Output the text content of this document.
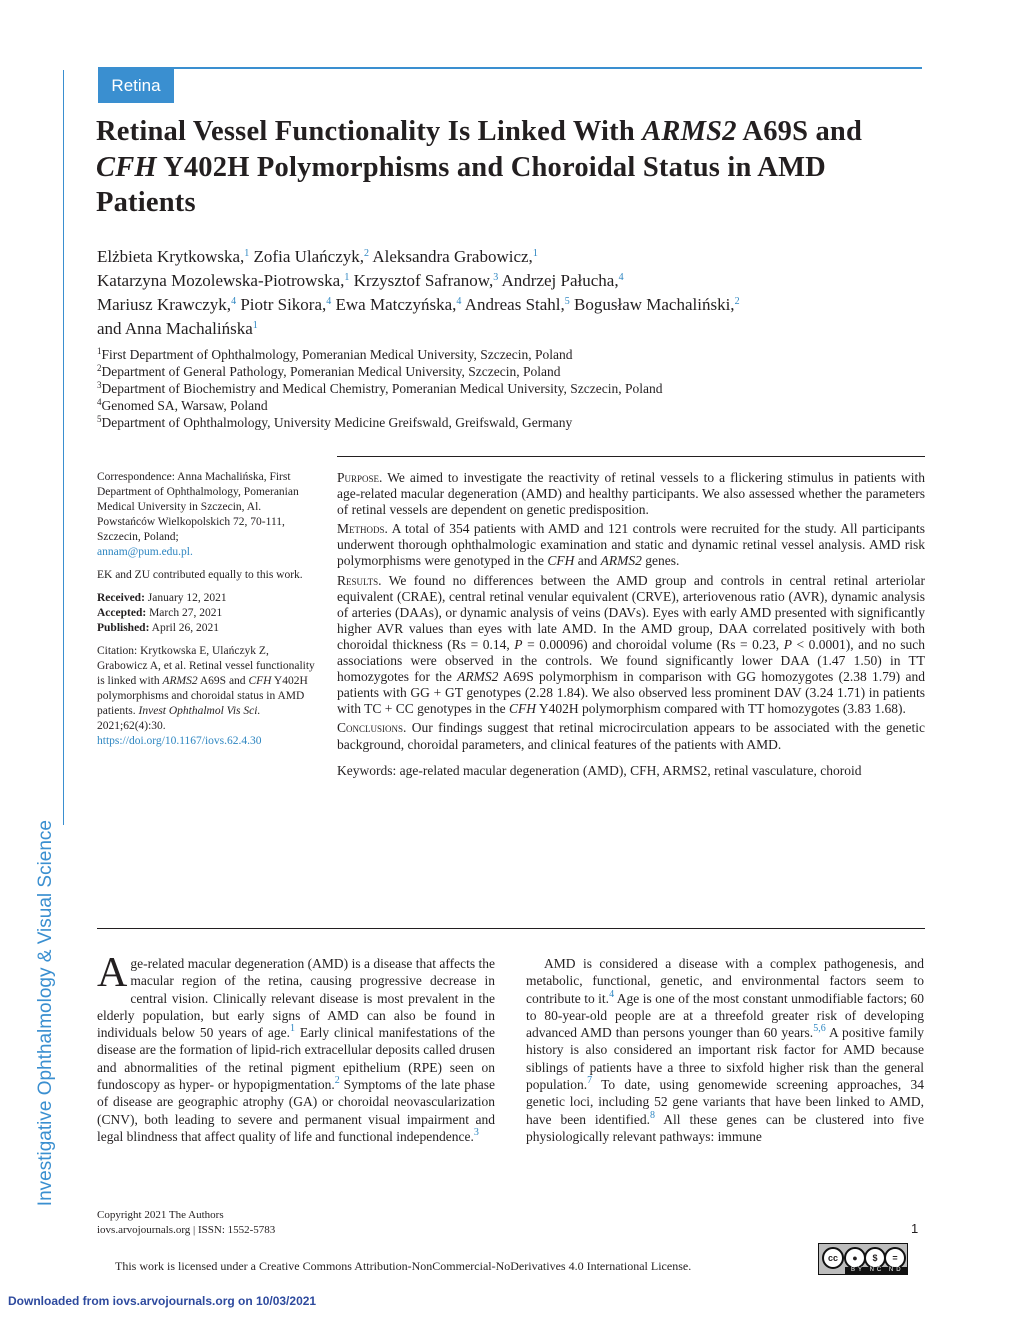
Retina
Retinal Vessel Functionality Is Linked With ARMS2 A69S and CFH Y402H Polymorphisms and Choroidal Status in AMD Patients
Elżbieta Krytkowska,$^1$ Zofia Ulańczyk,$^2$ Aleksandra Grabowicz,$^1$
Katarzyna Mozolewska-Piotrowska,$^1$ Krzysztof Safranow,$^3$ Andrzej Pałucha,$^4$
Mariusz Krawczyk,$^4$ Piotr Sikora,$^4$ Ewa Matczyńska,$^4$ Andreas Stahl,$^5$ Bogusław Machaliński,$^2$
and Anna Machalińska$^1$
$^1$First Department of Ophthalmology, Pomeranian Medical University, Szczecin, Poland
$^2$Department of General Pathology, Pomeranian Medical University, Szczecin, Poland
$^3$Department of Biochemistry and Medical Chemistry, Pomeranian Medical University, Szczecin, Poland
$^4$Genomed SA, Warsaw, Poland
$^5$Department of Ophthalmology, University Medicine Greifswald, Greifswald, Germany

Correspondence: Anna Machalińska, First Department of Ophthalmology, Pomeranian Medical University in Szczecin, Al. Powstańców Wielkopolskich 72, 70-111, Szczecin, Poland;
annam@pum.edu.pl.

EK and ZU contributed equally to this work.

Received: January 12, 2021

Accepted: March 27, 2021

Published: April 26, 2021

Citation: Krytkowska E, Ulańczyk Z, Grabowicz A, et al. Retinal vessel functionality is linked with ARMS2 A69S and CFH Y402H polymorphisms and choroidal status in AMD patients. Invest Ophthalmol Vis Sci. 2021;62(4):30.
https://doi.org/10.1167/iovs.62.4.30

Purpose. We aimed to investigate the reactivity of retinal vessels to a flickering stimulus in patients with age-related macular degeneration (AMD) and healthy participants. We also assessed whether the parameters of retinal vessels are dependent on genetic predisposition.

Methods. A total of 354 patients with AMD and 121 controls were recruited for the study. All participants underwent thorough ophthalmologic examination and static and dynamic retinal vessel analysis. AMD risk polymorphisms were genotyped in the CFH and ARMS2 genes.

Results. We found no differences between the AMD group and controls in central retinal arteriolar equivalent (CRAE), central retinal venular equivalent (CRVE), arteriovenous ratio (AVR), dynamic analysis of arteries (DAAs), or dynamic analysis of veins (DAVs). Eyes with early AMD presented with significantly higher AVR values than eyes with late AMD. In the AMD group, DAA correlated positively with both choroidal thickness (Rs = 0.14, P = 0.00096) and choroidal volume (Rs = 0.23, P < 0.0001), and no such associations were observed in the controls. We found significantly lower DAA (1.47 1.50) in TT homozygotes for the ARMS2 A69S polymorphism in comparison with GG homozygotes (2.38 1.79) and patients with GG + GT genotypes (2.28 1.84). We also observed less prominent DAV (3.24 1.71) in patients with TC + CC genotypes in the CFH Y402H polymorphism compared with TT homozygotes (3.83 1.68).

Conclusions. Our findings suggest that retinal microcirculation appears to be associated with the genetic background, choroidal parameters, and clinical features of the patients with AMD.

Keywords: age-related macular degeneration (AMD), CFH, ARMS2, retinal vasculature, choroid

Investigative Ophthalmology & Visual Science Age-related macular degeneration (AMD) is a disease that affects the macular region of the retina, causing progressive decrease in central vision. Clinically relevant disease is most prevalent in the elderly population, but early signs of AMD can also be found in individuals below 50 years of age.$^1$ Early clinical manifestations of the disease are the formation of lipid-rich extracellular deposits called drusen and abnormalities of the retinal pigment epithelium (RPE) seen on fundoscopy as hyper- or hypopigmentation.$^2$ Symptoms of the late phase of disease are geographic atrophy (GA) or choroidal neovascularization (CNV), both leading to severe and permanent visual impairment and legal blindness that affect quality of life and functional independence.$^3$
AMD is considered a disease with a complex pathogenesis, and metabolic, functional, genetic, and environmental factors seem to contribute to it.$^4$ Age is one of the most constant unmodifiable factors; 60 to 80-year-old people are at a threefold greater risk of developing advanced AMD than persons younger than 60 years.$^{5,6}$ A positive family history is also considered an important risk factor for AMD because siblings of patients have a three to sixfold higher risk than the general population.$^7$ To date, using genomewide screening approaches, 34 genetic loci, including 52 gene variants that have been linked to AMD, have been identified.$^8$ All these genes can be clustered into five physiologically relevant pathways: immune
Copyright 2021 The Authors
iovs.arvojournals.org | ISSN: 1552-5783	1
This work is licensed under a Creative Commons Attribution-NonCommercial-NoDerivatives 4.0 International License.
cc	●	$	=
BY NC ND
Downloaded from iovs.arvojournals.org on 10/03/2021
